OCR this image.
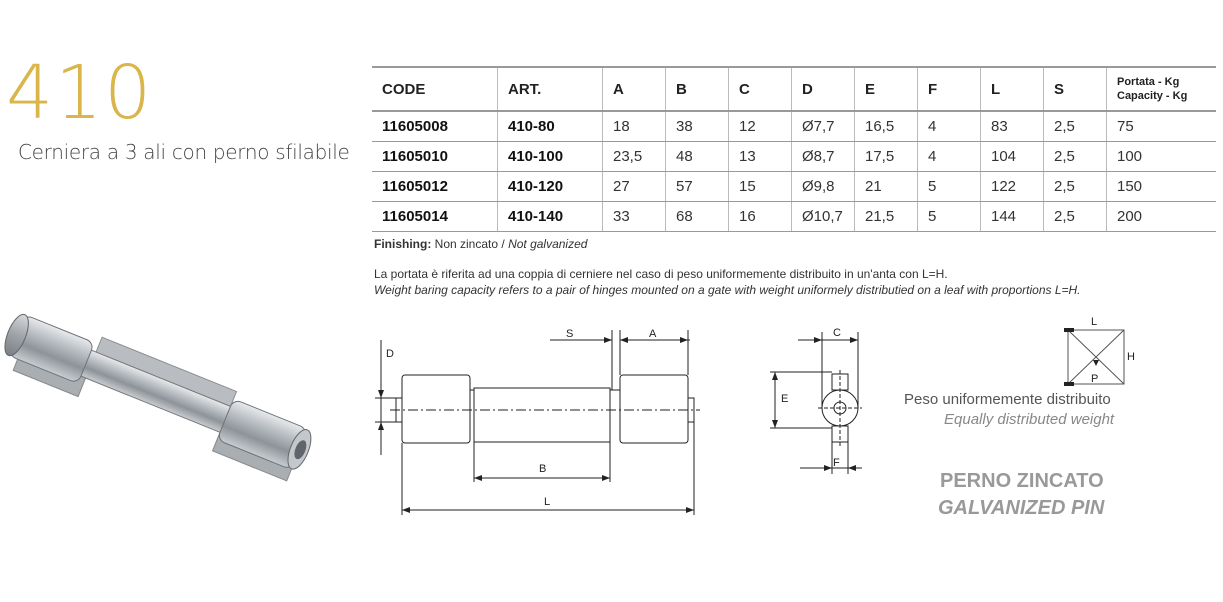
410
Cerniera a 3 ali con perno sfilabile
CODE	ART.	A	B	C	D	E	F	L	S	Portata - Kg
Capacity - Kg

11605008	410-80	18	38	12	Ø7,7	16,5	4	83	2,5	75
11605010	410-100	23,5	48	13	Ø8,7	17,5	4	104	2,5	100
11605012	410-120	27	57	15	Ø9,8	21	5	122	2,5	150
11605014	410-140	33	68	16	Ø10,7	21,5	5	144	2,5	200
Finishing: Non zincato / Not galvanized
La portata è riferita ad una coppia di cerniere nel caso di peso uniformemente distribuito in un'anta con L=H.
Weight baring capacity refers to a pair of hinges mounted on a gate with weight uniformely distributied on a leaf with proportions L=H.
D
S	A
B
L
C
E
F
L
H
P
Peso uniformemente distribuito
Equally distributed weight
PERNO ZINCATO
GALVANIZED PIN
